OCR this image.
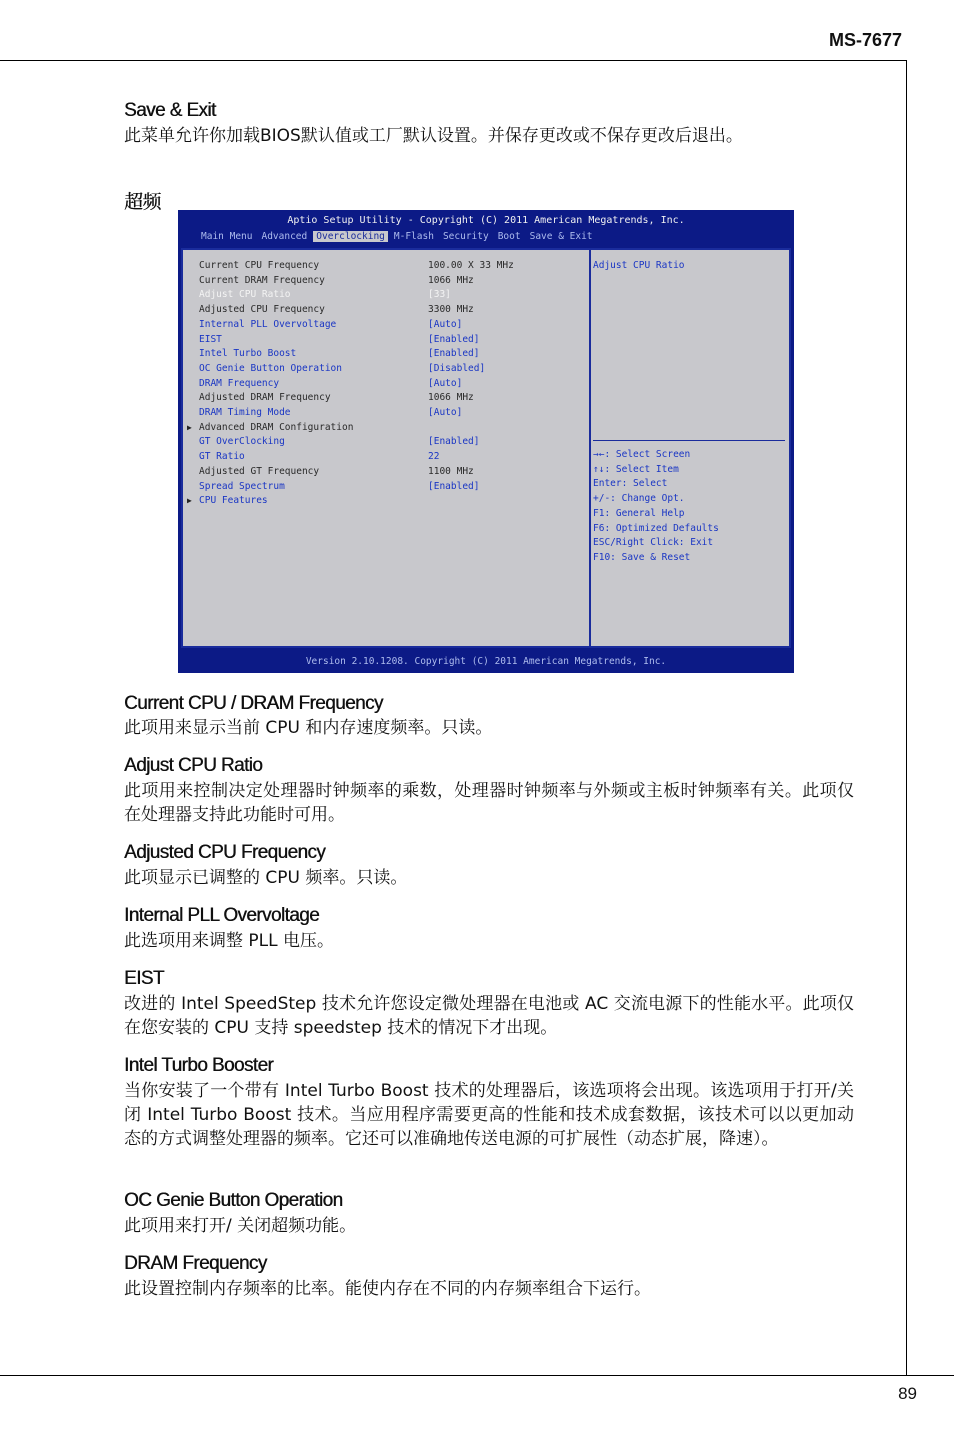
MS-7677
Save & Exit
此菜单允许你加载BIOS默认值或工厂默认设置。并保存更改或不保存更改后退出。
超频
Aptio Setup Utility - Copyright (C) 2011 American Megatrends, Inc.
Main Menu Advanced Overclocking M-Flash Security Boot Save & Exit
Current CPU Frequency	100.00 X 33 MHz
Current DRAM Frequency	1066 MHz
Adjust CPU Ratio	[33]
Adjusted CPU Frequency	3300 MHz
Internal PLL Overvoltage	[Auto]
EIST	[Enabled]
Intel Turbo Boost	[Enabled]
OC Genie Button Operation	[Disabled]
DRAM Frequency	[Auto]
Adjusted DRAM Frequency	1066 MHz
DRAM Timing Mode	[Auto]
▶ Advanced DRAM Configuration
GT OverClocking	[Enabled]
GT Ratio	22
Adjusted GT Frequency	1100 MHz
Spread Spectrum	[Enabled]
▶ CPU Features
Adjust CPU Ratio
→←: Select Screen
↑↓: Select Item
Enter: Select
+/-: Change Opt.
F1: General Help
F6: Optimized Defaults
ESC/Right Click: Exit
F10: Save & Reset
Version 2.10.1208. Copyright (C) 2011 American Megatrends, Inc.
Current CPU / DRAM Frequency
此项用来显示当前 CPU 和内存速度频率。只读。
Adjust CPU Ratio
此项用来控制决定处理器时钟频率的乘数，处理器时钟频率与外频或主板时钟频率有关。此项仅在处理器支持此功能时可用。
Adjusted CPU Frequency
此项显示已调整的 CPU 频率。只读。
Internal PLL Overvoltage
此选项用来调整 PLL 电压。
EIST
改进的 Intel SpeedStep 技术允许您设定微处理器在电池或 AC 交流电源下的性能水平。此项仅在您安装的 CPU 支持 speedstep 技术的情况下才出现。
Intel Turbo Booster
当你安装了一个带有 Intel Turbo Boost 技术的处理器后，该选项将会出现。该选项用于打开/关闭 Intel Turbo Boost 技术。当应用程序需要更高的性能和技术成套数据，该技术可以以更加动态的方式调整处理器的频率。它还可以准确地传送电源的可扩展性（动态扩展，降速）。
OC Genie Button Operation
此项用来打开/ 关闭超频功能。
DRAM Frequency
此设置控制内存频率的比率。能使内存在不同的内存频率组合下运行。
89
